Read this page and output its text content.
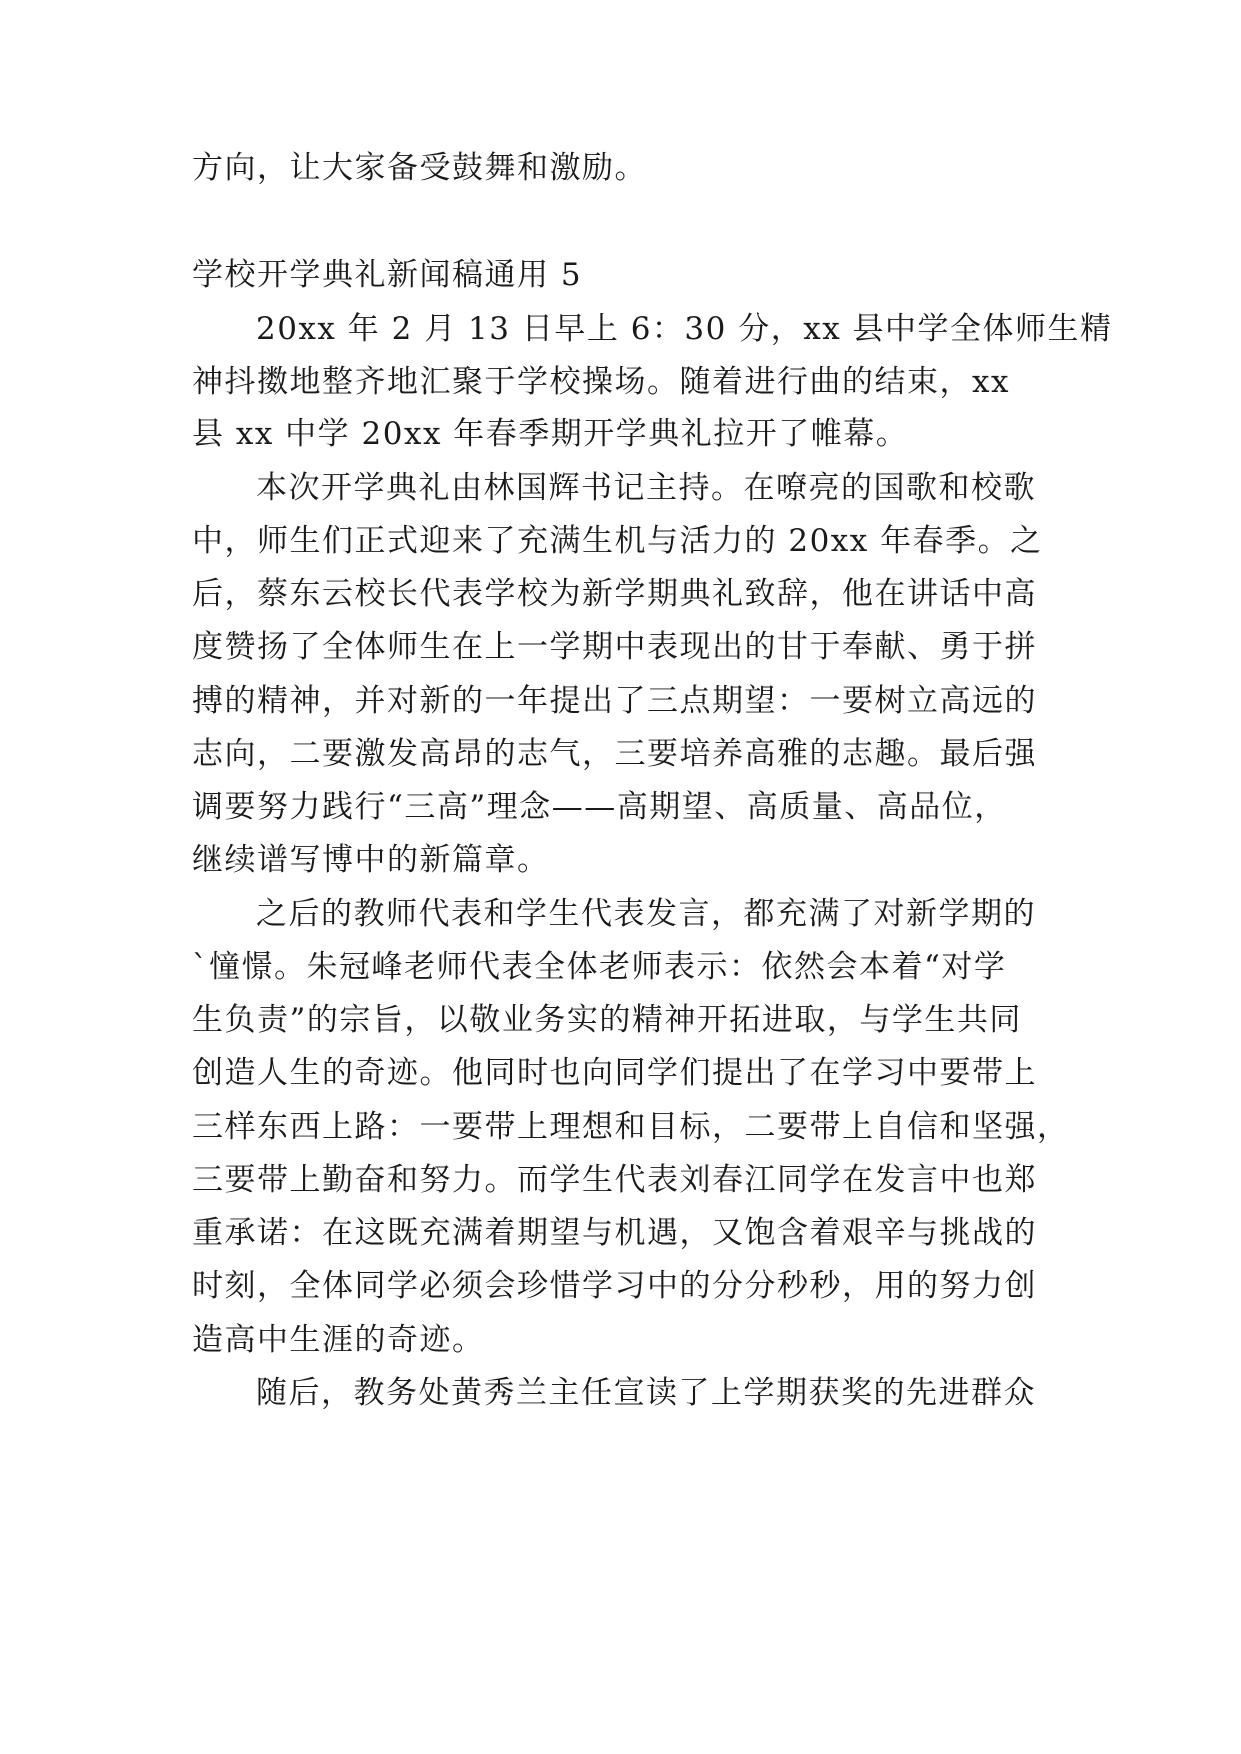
方向，让大家备受鼓舞和激励。
学校开学典礼新闻稿通用 5
20xx 年 2 月 13 日早上 6：30 分，xx 县中学全体师生精
神抖擞地整齐地汇聚于学校操场。随着进行曲的结束，xx
县 xx 中学 20xx 年春季期开学典礼拉开了帷幕。
本次开学典礼由林国辉书记主持。在嘹亮的国歌和校歌
中，师生们正式迎来了充满生机与活力的 20xx 年春季。之
后，蔡东云校长代表学校为新学期典礼致辞，他在讲话中高
度赞扬了全体师生在上一学期中表现出的甘于奉献、勇于拼
搏的精神，并对新的一年提出了三点期望：一要树立高远的
志向，二要激发高昂的志气，三要培养高雅的志趣。最后强
调要努力践行“三高”理念——高期望、高质量、高品位，
继续谱写博中的新篇章。
之后的教师代表和学生代表发言，都充满了对新学期的
`憧憬。朱冠峰老师代表全体老师表示：依然会本着“对学
生负责”的宗旨，以敬业务实的精神开拓进取，与学生共同
创造人生的奇迹。他同时也向同学们提出了在学习中要带上
三样东西上路：一要带上理想和目标，二要带上自信和坚强，
三要带上勤奋和努力。而学生代表刘春江同学在发言中也郑
重承诺：在这既充满着期望与机遇，又饱含着艰辛与挑战的
时刻，全体同学必须会珍惜学习中的分分秒秒，用的努力创
造高中生涯的奇迹。
随后，教务处黄秀兰主任宣读了上学期获奖的先进群众
